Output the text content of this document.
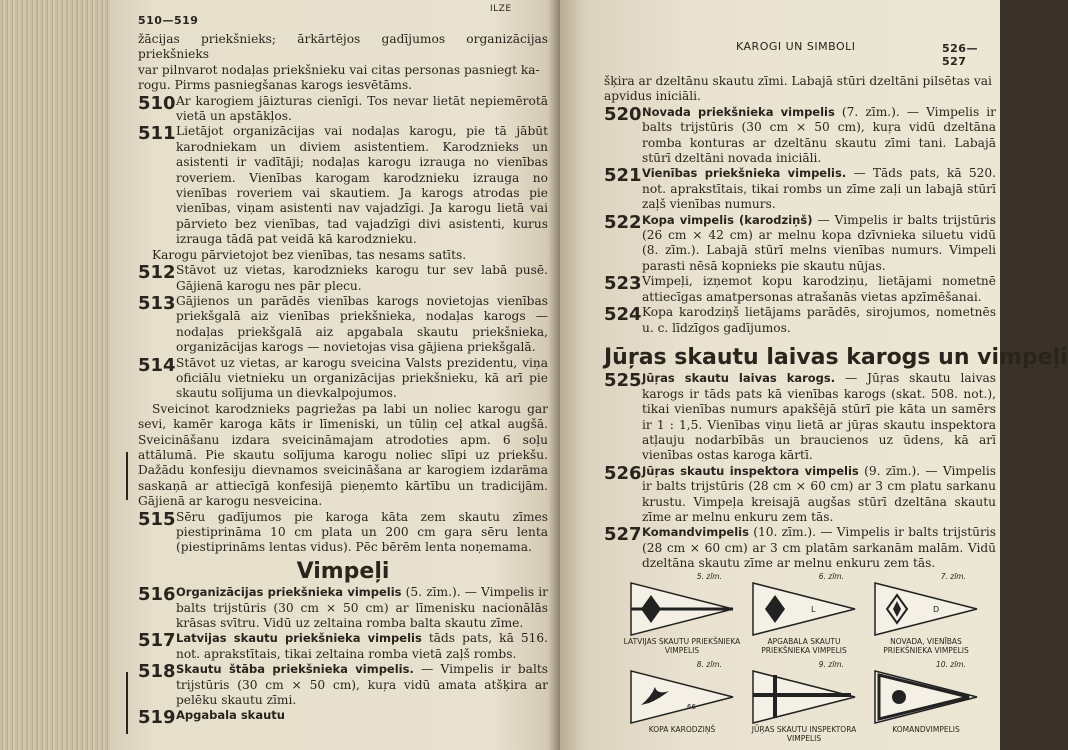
510—519
ILZE

žācijas priekšnieks; ārkārtējos gadījumos organizācijas priekšnieks

var pilnvarot nodaļas priekšnieku vai citas personas pasniegt ka-

rogu. Pirms pasniegšanas karogs iesvētāms.

510 Ar karogiem jāizturas cienīgi. Tos nevar lietāt nepiemērotā vietā un apstākļos.
511 Lietājot organizācijas vai nodaļas karogu, pie tā jābūt karodniekam un diviem asistentiem. Karodznieks un asistenti ir vadītāji; nodaļas karogu izrauga no vienības roveriem. Vienības karogam karodznieku izrauga no vienības roveriem vai skautiem. Ja karogs atrodas pie vienības, viņam asistenti nav vajadzīgi. Ja karogu lietā vai pārvieto bez vienības, tad vajadzīgi divi asistenti, kurus izrauga tādā pat veidā kā karodznieku.

Karogu pārvietojot bez vienības, tas nesams satīts.

512 Stāvot uz vietas, karodznieks karogu tur sev labā pusē. Gājienā karogu nes pār plecu.
513 Gājienos un parādēs vienības karogs novietojas vienības priekšgalā aiz vienības priekšnieka, nodaļas karogs — nodaļas priekšgalā aiz apgabala skautu priekšnieka, organizācijas karogs — novietojas visa gājiena priekšgalā.
514 Stāvot uz vietas, ar karogu sveicina Valsts prezidentu, viņa oficiālu vietnieku un organizācijas priekšnieku, kā arī pie skautu solījuma un dievkalpojumos.

Sveicinot karodznieks pagriežas pa labi un noliec karogu gar sevi, kamēr karoga kāts ir līmeniski, un tūliņ ceļ atkal augšā. Sveicināšanu izdara sveicināmajam atrodoties apm. 6 soļu attālumā. Pie skautu solījuma karogu noliec slīpi uz priekšu. Dažādu konfesiju dievnamos sveicināšana ar karogiem izdarāma saskaņā ar attiecīgā konfesijā pieņemto kārtību un tradicijām. Gājienā ar karogu nesveicina.

515 Sēru gadījumos pie karoga kāta zem skautu zīmes piestiprināma 10 cm plata un 200 cm gaŗa sēru lenta (piestiprināms lentas vidus). Pēc bērēm lenta noņemama.
Vimpeļi
516 Organizācijas priekšnieka vimpelis (5. zīm.). — Vimpelis ir balts trijstūris (30 cm × 50 cm) ar līmenisku nacionālās krāsas svītru. Vidū uz zeltaina romba balta skautu zīme.
517 Latvijas skautu priekšnieka vimpelis tāds pats, kā 516. not. aprakstītais, tikai zeltaina romba vietā zaļš rombs.
518 Skautu štāba priekšnieka vimpelis. — Vimpelis ir balts trijstūris (30 cm × 50 cm), kuŗa vidū amata atšķira ar pelēku skautu zīmi.
519 Apgabala skautu
KAROGI UN SIMBOLI	526—527

šķira ar dzeltānu skautu zīmi. Labajā stūri dzeltāni pilsētas vai

apvidus iniciāli.

520 Novada priekšnieka vimpelis (7. zīm.). — Vimpelis ir balts trijstūris (30 cm × 50 cm), kuŗa vidū dzeltāna romba konturas ar dzeltānu skautu zīmi tani. Labajā stūrī dzeltāni novada iniciāli.
521 Vienības priekšnieka vimpelis. — Tāds pats, kā 520. not. aprakstītais, tikai rombs un zīme zaļi un labajā stūrī zaļš vienības numurs.
522 Kopa vimpelis (karodziņš) — Vimpelis ir balts trijstūris (26 cm × 42 cm) ar melnu kopa dzīvnieka siluetu vidū (8. zīm.). Labajā stūrī melns vienības numurs. Vimpeli parasti nēsā kopnieks pie skautu nūjas.
523 Vimpeļi, izņemot kopu karodziņu, lietājami nometnē attiecīgas amatpersonas atrašanās vietas apzīmēšanai.
524 Kopa karodziņš lietājams parādēs, sirojumos, nometnēs u. c. līdzīgos gadījumos.
Jūŗas skautu laivas karogs un vimpeļi
525 Jūŗas skautu laivas karogs. — Jūŗas skautu laivas karogs ir tāds pats kā vienības karogs (skat. 508. not.), tikai vienības numurs apakšējā stūrī pie kāta un samērs ir 1 : 1,5. Vienības viņu lietā ar jūŗas skautu inspektora atļauju nodarbībās un braucienos uz ūdens, kā arī vienības ostas karoga kārtī.
526 Jūŗas skautu inspektora vimpelis (9. zīm.). — Vimpelis ir balts trijstūris (28 cm × 60 cm) ar 3 cm platu sarkanu krustu. Vimpeļa kreisajā augšas stūrī dzeltāna skautu zīme ar melnu enkuru zem tās.
527 Komandvimpelis (10. zīm.). — Vimpelis ir balts trijstūris (28 cm × 60 cm) ar 3 cm platām sarkanām malām. Vidū dzeltāna skautu zīme ar melnu enkuru zem tās.
5. zīm.
LATVIJAS SKAUTU PRIEKŠNIEKA VIMPELIS
6. zīm.
L
APGABALA SKAUTU PRIEKŠNIEKA VIMPELIS
7. zīm.
D
NOVADA, VIENĪBAS PRIEKŠNIEKA VIMPELIS
8. zīm.
66
KOPA KARODZIŅŠ
9. zīm.
JŪŖAS SKAUTU INSPEKTORA VIMPELIS
10. zīm.
KOMANDVIMPELIS
